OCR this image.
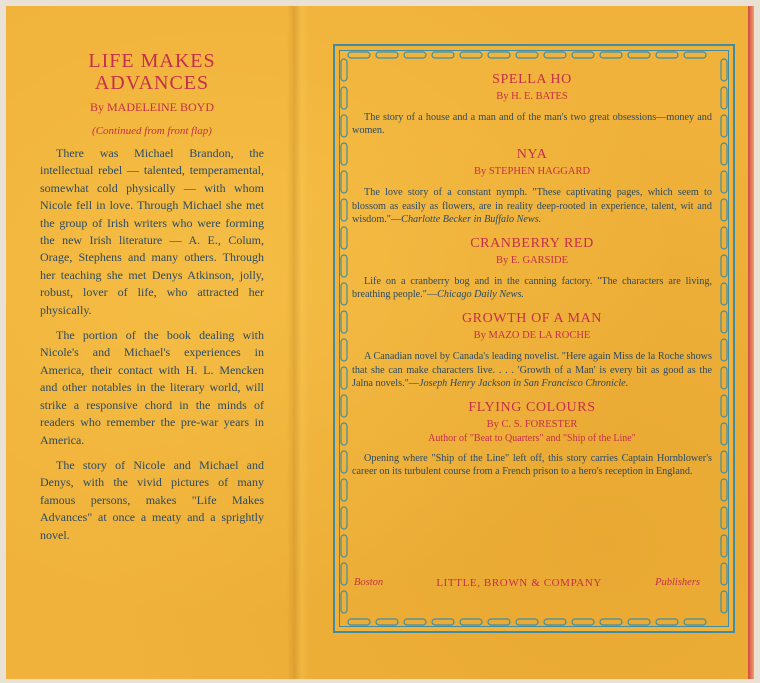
LIFE MAKES
ADVANCES
By MADELEINE BOYD
(Continued from front flap)

There was Michael Brandon, the intellectual rebel — talented, temperamental, somewhat cold physically — with whom Nicole fell in love. Through Michael she met the group of Irish writers who were forming the new Irish literature — A. E., Colum, Orage, Stephens and many others. Through her teaching she met Denys Atkinson, jolly, robust, lover of life, who attracted her physically.

The portion of the book dealing with Nicole's and Michael's experiences in America, their contact with H. L. Mencken and other notables in the literary world, will strike a responsive chord in the minds of readers who remember the pre-war years in America.

The story of Nicole and Michael and Denys, with the vivid pictures of many famous persons, makes "Life Makes Advances" at once a meaty and a sprightly novel.

SPELLA HO
By H. E. BATES
The story of a house and a man and of the man's two great obsessions—money and women.
NYA
By STEPHEN HAGGARD
The love story of a constant nymph. "These captivating pages, which seem to blossom as easily as flowers, are in reality deep-rooted in experience, talent, wit and wisdom."—Charlotte Becker in Buffalo News.
CRANBERRY RED
By E. GARSIDE
Life on a cranberry bog and in the canning factory. "The characters are living, breathing people."—Chicago Daily News.
GROWTH OF A MAN
By MAZO DE LA ROCHE
A Canadian novel by Canada's leading novelist. "Here again Miss de la Roche shows that she can make characters live. . . . 'Growth of a Man' is every bit as good as the Jalna novels."—Joseph Henry Jackson in San Francisco Chronicle.
FLYING COLOURS
By C. S. FORESTER
Author of "Beat to Quarters" and "Ship of the Line"
Opening where "Ship of the Line" left off, this story carries Captain Hornblower's career on its turbulent course from a French prison to a hero's reception in England.
Boston	LITTLE, BROWN & COMPANY	Publishers
